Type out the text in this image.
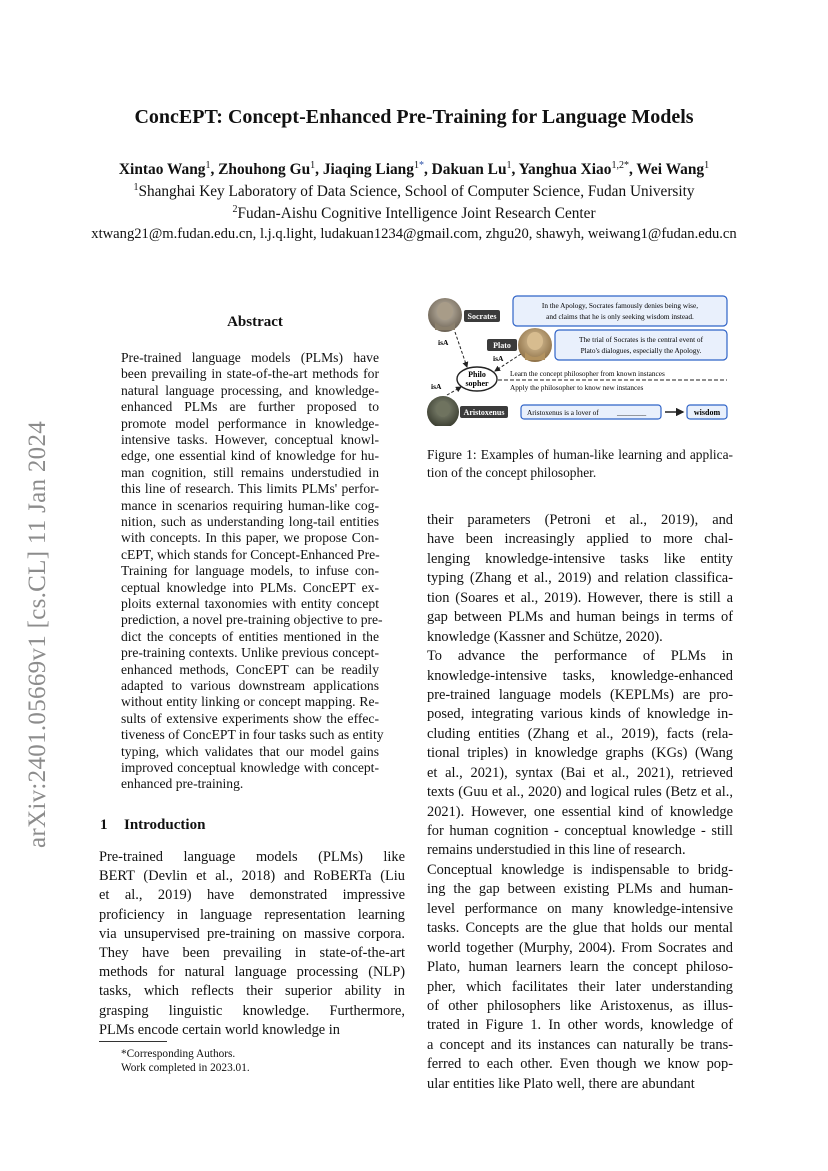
arXiv:2401.05669v1 [cs.CL] 11 Jan 2024
ConcEPT: Concept-Enhanced Pre-Training for Language Models
Xintao Wang$^1$, Zhouhong Gu$^1$, Jiaqing Liang$^{1*}$, Dakuan Lu$^1$, Yanghua Xiao$^{1,2*}$, Wei Wang$^1$
$^1$Shanghai Key Laboratory of Data Science, School of Computer Science, Fudan University
$^2$Fudan-Aishu Cognitive Intelligence Joint Research Center
xtwang21@m.fudan.edu.cn, l.j.q.light, ludakuan1234@gmail.com, zhgu20, shawyh, weiwang1@fudan.edu.cn
Abstract
Pre-trained language models (PLMs) have
been prevailing in state-of-the-art methods for
natural language processing, and knowledge-
enhanced PLMs are further proposed to
promote model performance in knowledge-
intensive tasks. However, conceptual knowl-
edge, one essential kind of knowledge for hu-
man cognition, still remains understudied in
this line of research. This limits PLMs' perfor-
mance in scenarios requiring human-like cog-
nition, such as understanding long-tail entities
with concepts. In this paper, we propose Con-
cEPT, which stands for Concept-Enhanced Pre-
Training for language models, to infuse con-
ceptual knowledge into PLMs. ConcEPT ex-
ploits external taxonomies with entity concept
prediction, a novel pre-training objective to pre-
dict the concepts of entities mentioned in the
pre-training contexts. Unlike previous concept-
enhanced methods, ConcEPT can be readily
adapted to various downstream applications
without entity linking or concept mapping. Re-
sults of extensive experiments show the effec-
tiveness of ConcEPT in four tasks such as entity
typing, which validates that our model gains
improved conceptual knowledge with concept-
enhanced pre-training.
1 Introduction
Pre-trained language models (PLMs) like
BERT (Devlin et al., 2018) and RoBERTa (Liu
et al., 2019) have demonstrated impressive
proficiency in language representation learning
via unsupervised pre-training on massive corpora.
They have been prevailing in state-of-the-art
methods for natural language processing (NLP)
tasks, which reflects their superior ability in
grasping linguistic knowledge. Furthermore,
PLMs encode certain world knowledge in
their parameters (Petroni et al., 2019), and
have been increasingly applied to more chal-
lenging knowledge-intensive tasks like entity
typing (Zhang et al., 2019) and relation classifica-
tion (Soares et al., 2019). However, there is still a
gap between PLMs and human beings in terms of
knowledge (Kassner and Schütze, 2020).
To advance the performance of PLMs in
knowledge-intensive tasks, knowledge-enhanced
pre-trained language models (KEPLMs) are pro-
posed, integrating various kinds of knowledge in-
cluding entities (Zhang et al., 2019), facts (rela-
tional triples) in knowledge graphs (KGs) (Wang
et al., 2021), syntax (Bai et al., 2021), retrieved
texts (Guu et al., 2020) and logical rules (Betz et al.,
2021). However, one essential kind of knowledge
for human cognition - conceptual knowledge - still
remains understudied in this line of research.
Conceptual knowledge is indispensable to bridg-
ing the gap between existing PLMs and human-
level performance on many knowledge-intensive
tasks. Concepts are the glue that holds our mental
world together (Murphy, 2004). From Socrates and
Plato, human learners learn the concept philoso-
pher, which facilitates their later understanding
of other philosophers like Aristoxenus, as illus-
trated in Figure 1. In other words, knowledge of
a concept and its instances can naturally be trans-
ferred to each other. Even though we know pop-
ular entities like Plato well, there are abundant
*Corresponding Authors.
Work completed in 2023.01.
Socrates
Plato
Aristoxenus
Philo
sopher
isA
isA
isA
In the Apology, Socrates famously denies being wise,
and claims that he is only seeking wisdom instead.
The trial of Socrates is the central event of
Plato's dialogues, especially the Apology.
Learn the concept philosopher from known instances
Apply the philosopher to know new instances
Aristoxenus is a lover of	________	wisdom
Figure 1: Examples of human-like learning and applica-
tion of the concept philosopher.
